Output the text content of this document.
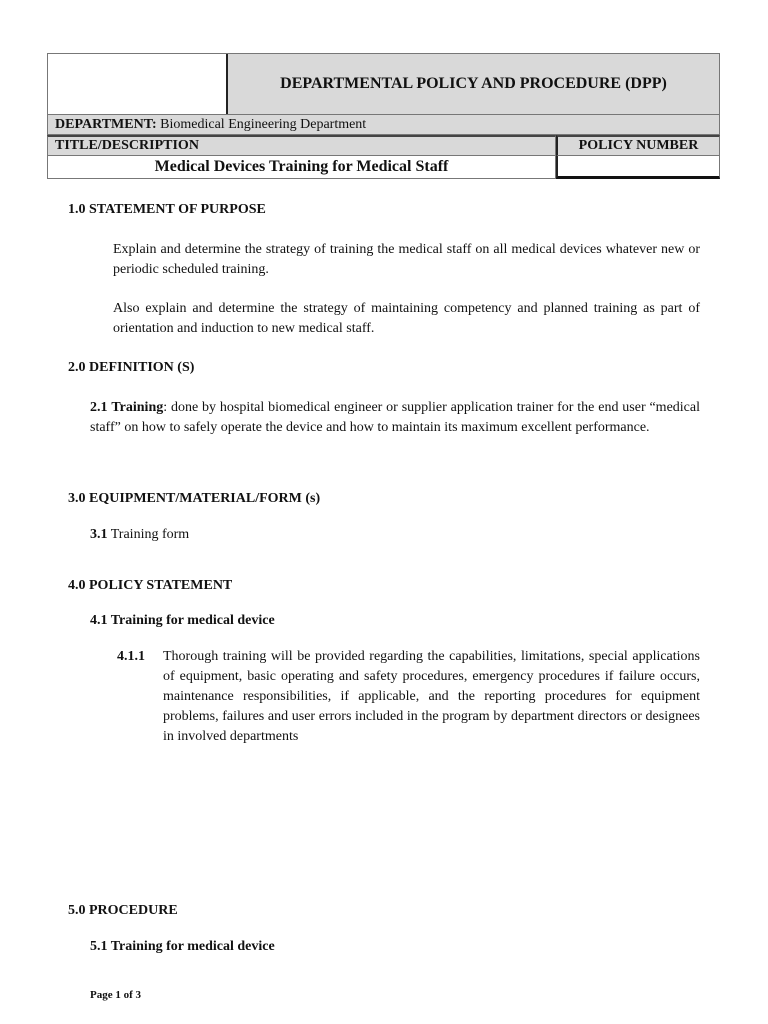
DEPARTMENTAL POLICY AND PROCEDURE (DPP)
DEPARTMENT: Biomedical Engineering Department
TITLE/DESCRIPTION	POLICY NUMBER
Medical Devices Training for Medical Staff
1.0 STATEMENT OF PURPOSE
Explain and determine the strategy of training the medical staff on all medical devices whatever new or periodic scheduled training.
Also explain and determine the strategy of maintaining competency and planned training as part of orientation and induction to new medical staff.
2.0 DEFINITION (S)
2.1 Training: done by hospital biomedical engineer or supplier application trainer for the end user “medical staff” on how to safely operate the device and how to maintain its maximum excellent performance.
3.0 EQUIPMENT/MATERIAL/FORM (s)
3.1 Training form
4.0 POLICY STATEMENT
4.1 Training for medical device
4.1.1 Thorough training will be provided regarding the capabilities, limitations, special applications of equipment, basic operating and safety procedures, emergency procedures if failure occurs, maintenance responsibilities, if applicable, and the reporting procedures for equipment problems, failures and user errors included in the program by department directors or designees in involved departments
5.0 PROCEDURE
5.1 Training for medical device
Page 1 of 3
